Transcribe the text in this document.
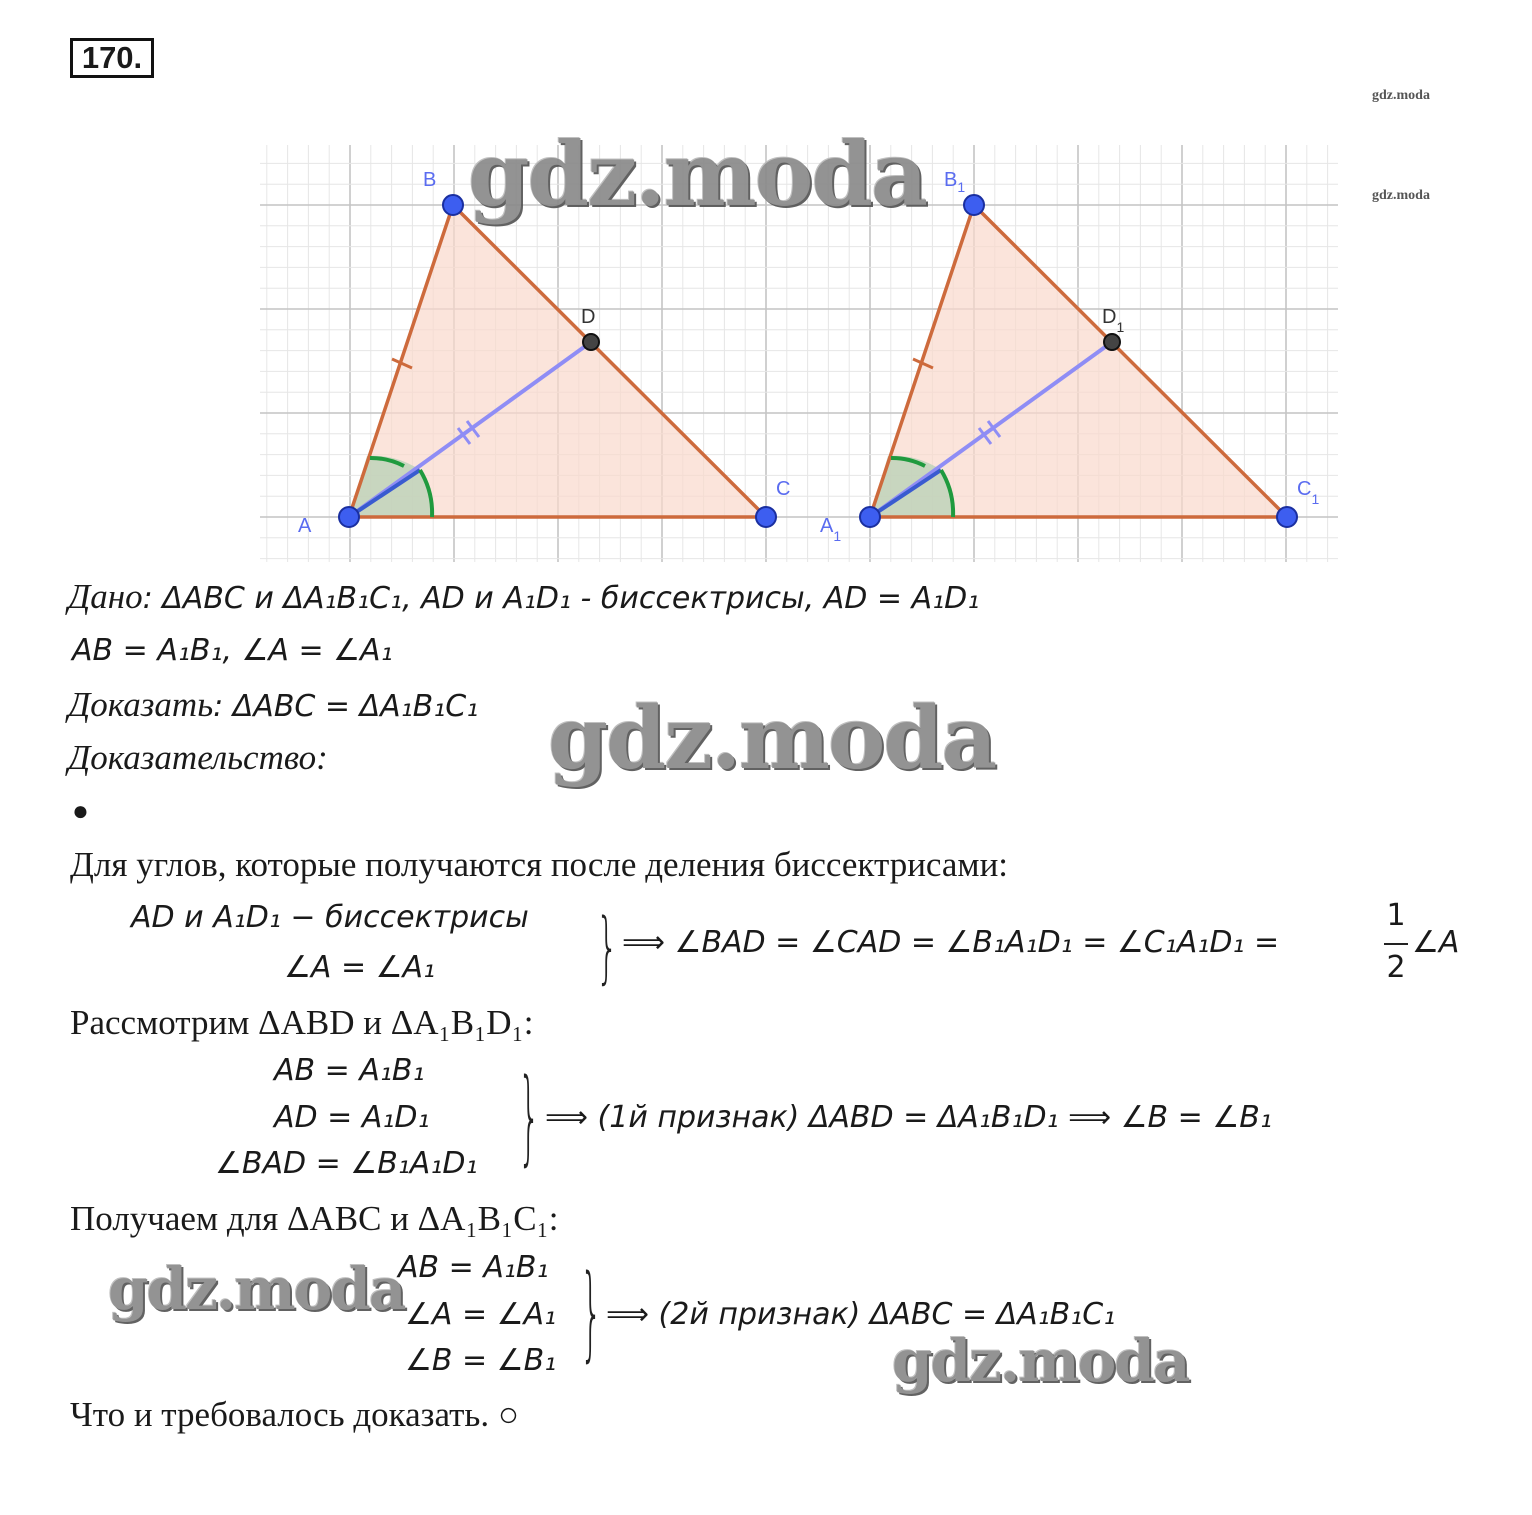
170.
gdz.moda
gdz.moda
A
B
C
D
$A_1$
$B_1$
$C_1$
$D_1$
gdz.moda
Дано: ΔABC и ΔA₁B₁C₁, AD и A₁D₁ - биссектрисы, AD = A₁D₁
AB = A₁B₁, ∠A = ∠A₁
Доказать: ΔABC = ΔA₁B₁C₁
Доказательство:	gdz.moda
●
Для углов, которые получаются после деления биссектрисами:
AD и A₁D₁ − биссектрисы
∠A = ∠A₁	} ⟹ ∠BAD = ∠CAD = ∠B₁A₁D₁ = ∠C₁A₁D₁ =
1
2
∠A
Рассмотрим ΔABD и ΔA₁B₁D₁:
AB = A₁B₁
AD = A₁D₁
∠BAD = ∠B₁A₁D₁ } ⟹ (1й признак) ΔABD = ΔA₁B₁D₁ ⟹ ∠B = ∠B₁
Получаем для ΔABC и ΔA₁B₁C₁:
AB = A₁B₁
∠A = ∠A₁
∠B = ∠B₁ } ⟹ (2й признак) ΔABC = ΔA₁B₁C₁
gdz.moda
gdz.moda
Что и требовалось доказать. ○
